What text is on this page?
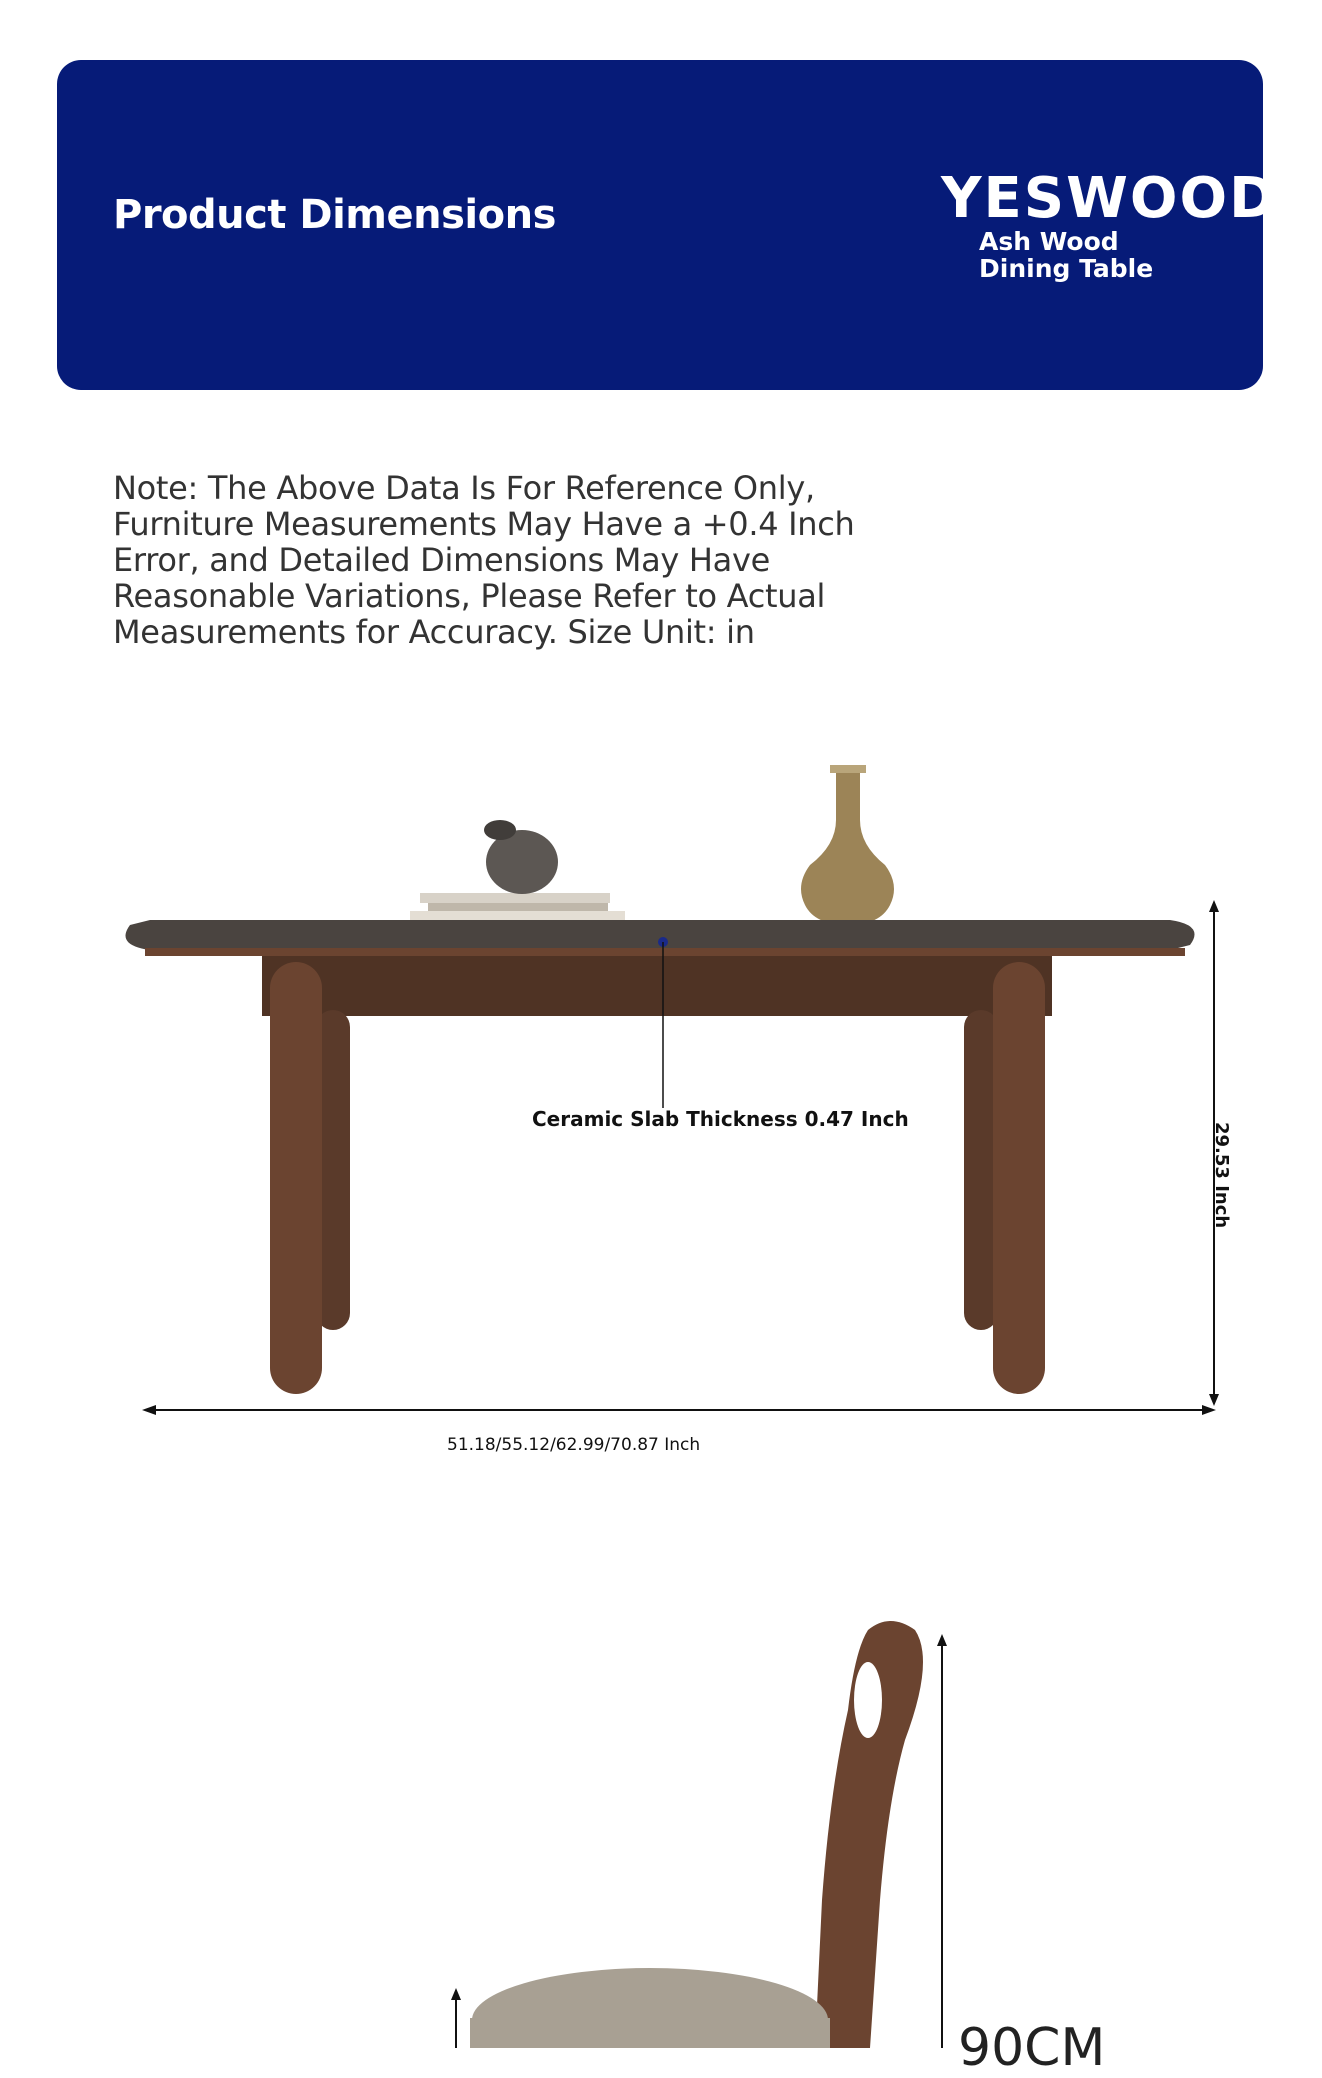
Product Dimensions	YESWOOD
Ash Wood Dining Table
Note: The Above Data Is For Reference Only, Furniture Measurements May Have a +0.4 Inch Error, and Detailed Dimensions May Have Reasonable Variations, Please Refer to Actual Measurements for Accuracy. Size Unit: in
Ceramic Slab Thickness 0.47 Inch
29.53 Inch
51.18/55.12/62.99/70.87 Inch
90CM
